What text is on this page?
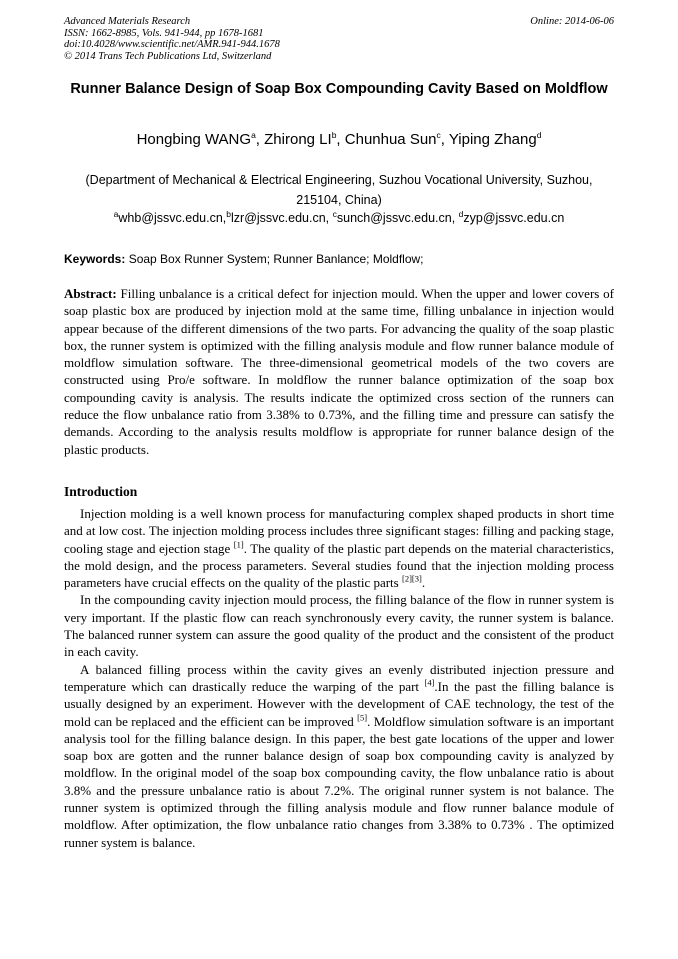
Advanced Materials Research
ISSN: 1662-8985, Vols. 941-944, pp 1678-1681
doi:10.4028/www.scientific.net/AMR.941-944.1678
© 2014 Trans Tech Publications Ltd, Switzerland
Online: 2014-06-06
Runner Balance Design of Soap Box Compounding Cavity Based on Moldflow
Hongbing WANG$^a$, Zhirong $LI^b$, Chunhua Sun$^c$, Yiping Zhang$^d$
(Department of Mechanical & Electrical Engineering, Suzhou Vocational University, Suzhou, 215104, China)
$^a$whb@jssvc.edu.cn,$^b$lzr@jssvc.edu.cn, $^c$sunch@jssvc.edu.cn, $^d$zyp@jssvc.edu.cn
Keywords: Soap Box Runner System; Runner Banlance; Moldflow;
Abstract: Filling unbalance is a critical defect for injection mould. When the upper and lower covers of soap plastic box are produced by injection mold at the same time, filling unbalance in injection would appear because of the different dimensions of the two parts. For advancing the quality of the soap plastic box, the runner system is optimized with the filling analysis module and flow runner balance module of moldflow simulation software. The three-dimensional geometrical models of the two covers are constructed using Pro/e software. In moldflow the runner balance optimization of the soap box compounding cavity is analysis. The results indicate the optimized cross section of the runners can reduce the flow unbalance ratio from 3.38% to 0.73%, and the filling time and pressure can satisfy the demands. According to the analysis results moldflow is appropriate for runner balance design of the plastic products.
Introduction

Injection molding is a well known process for manufacturing complex shaped products in short time and at low cost. The injection molding process includes three significant stages: filling and packing stage, cooling stage and ejection stage [1]. The quality of the plastic part depends on the material characteristics, the mold design, and the process parameters. Several studies found that the injection molding process parameters have crucial effects on the quality of the plastic parts [2][3].

In the compounding cavity injection mould process, the filling balance of the flow in runner system is very important. If the plastic flow can reach synchronously every cavity, the runner system is balance. The balanced runner system can assure the good quality of the product and the consistent of the product in each cavity.

A balanced filling process within the cavity gives an evenly distributed injection pressure and temperature which can drastically reduce the warping of the part [4].In the past the filling balance is usually designed by an experiment. However with the development of CAE technology, the test of the mold can be replaced and the efficient can be improved [5]. Moldflow simulation software is an important analysis tool for the filling balance design. In this paper, the best gate locations of the upper and lower soap box are gotten and the runner balance design of soap box compounding cavity is analyzed by moldflow. In the original model of the soap box compounding cavity, the flow unbalance ratio is about 3.8% and the pressure unbalance ratio is about 7.2%. The original runner system is not balance. The runner system is optimized through the filling analysis module and flow runner balance module of moldflow. After optimization, the flow unbalance ratio changes from 3.38% to 0.73% . The optimized runner system is balance.
